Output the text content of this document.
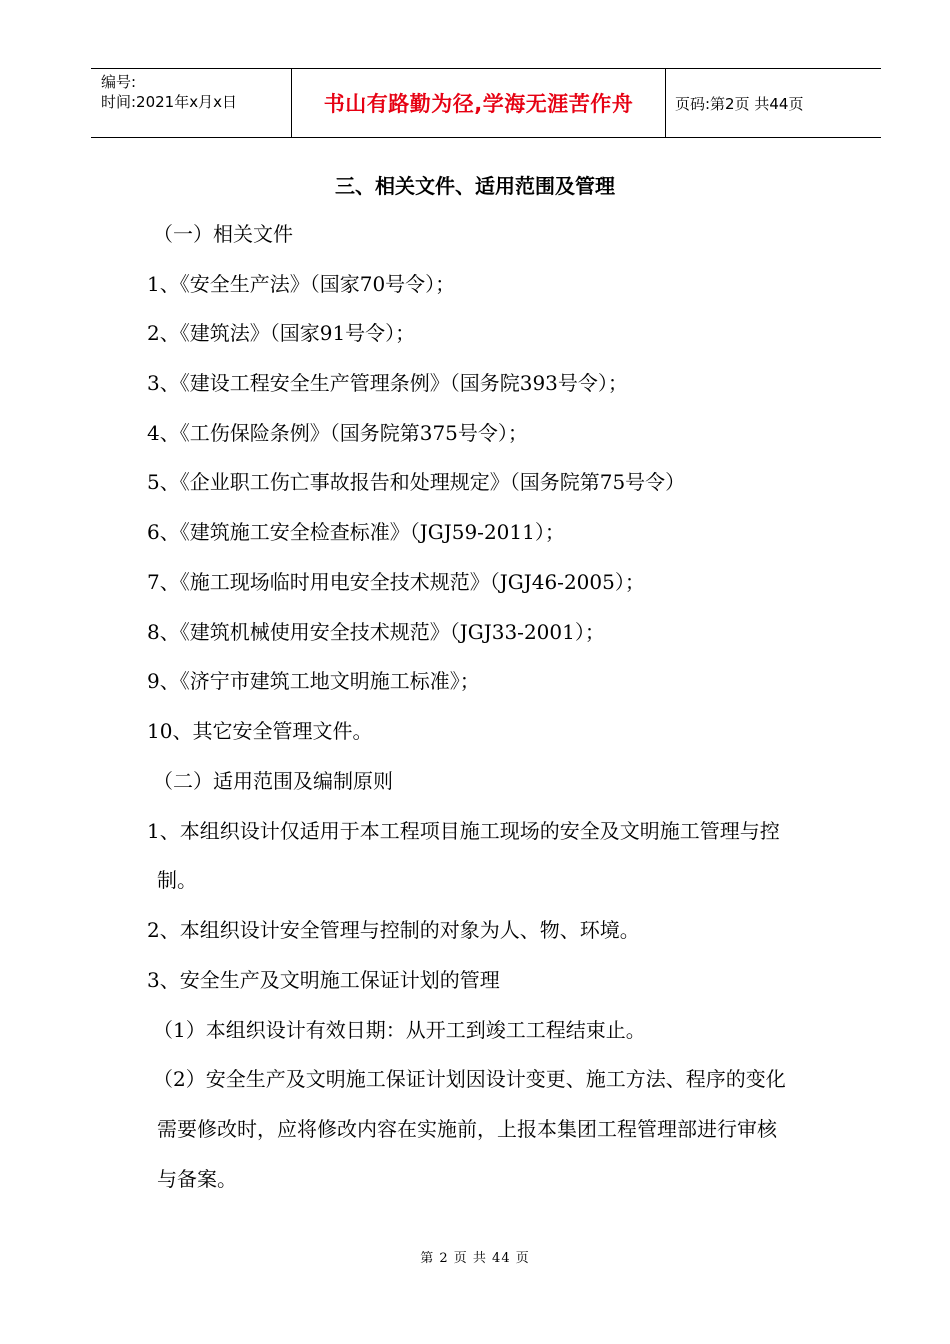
编号:
时间:2021年x月x日	书山有路勤为径,学海无涯苦作舟	页码:第2页 共44页
三、相关文件、适用范围及管理
（一）相关文件
1、《安全生产法》（国家70号令）；
2、《建筑法》（国家91号令）；
3、《建设工程安全生产管理条例》（国务院393号令）；
4、《工伤保险条例》（国务院第375号令）；
5、《企业职工伤亡事故报告和处理规定》（国务院第75号令）
6、《建筑施工安全检查标准》（JGJ59-2011）；
7、《施工现场临时用电安全技术规范》（JGJ46-2005）；
8、《建筑机械使用安全技术规范》（JGJ33-2001）；
9、《济宁市建筑工地文明施工标准》；
10、其它安全管理文件。
（二）适用范围及编制原则
1、本组织设计仅适用于本工程项目施工现场的安全及文明施工管理与控
制。
2、本组织设计安全管理与控制的对象为人、物、环境。
3、安全生产及文明施工保证计划的管理
（1）本组织设计有效日期：从开工到竣工工程结束止。
（2）安全生产及文明施工保证计划因设计变更、施工方法、程序的变化
需要修改时，应将修改内容在实施前，上报本集团工程管理部进行审核
与备案。
第 2 页 共 44 页
